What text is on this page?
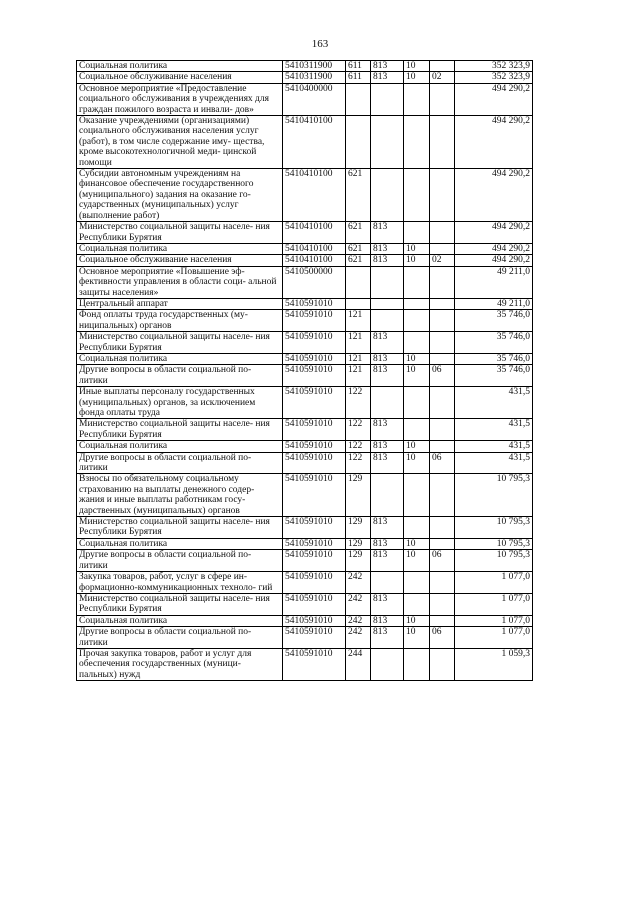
163
Социальная политика	5410311900	611	813	10		352 323,9
Социальное обслуживание населения	5410311900	611	813	10	02	352 323,9
Основное мероприятие «Предоставление социального обслуживания в учреждениях для граждан пожилого возраста и инвали- дов»	5410400000					494 290,2
Оказание учреждениями (организациями) социального обслуживания населения услуг (работ), в том числе содержание иму- щества, кроме высокотехнологичной меди- цинской помощи	5410410100					494 290,2
Субсидии автономным учреждениям на финансовое обеспечение государственного (муниципального) задания на оказание го- сударственных (муниципальных) услуг (выполнение работ)	5410410100	621				494 290,2
Министерство социальной защиты населе- ния Республики Бурятия	5410410100	621	813			494 290,2
Социальная политика	5410410100	621	813	10		494 290,2
Социальное обслуживание населения	5410410100	621	813	10	02	494 290,2
Основное мероприятие «Повышение эф- фективности управления в области соци- альной защиты населения»	5410500000					49 211,0
Центральный аппарат	5410591010					49 211,0
Фонд оплаты труда государственных (му- ниципальных) органов	5410591010	121				35 746,0
Министерство социальной защиты населе- ния Республики Бурятия	5410591010	121	813			35 746,0
Социальная политика	5410591010	121	813	10		35 746,0
Другие вопросы в области социальной по- литики	5410591010	121	813	10	06	35 746,0
Иные выплаты персоналу государственных (муниципальных) органов, за исключением фонда оплаты труда	5410591010	122				431,5
Министерство социальной защиты населе- ния Республики Бурятия	5410591010	122	813			431,5
Социальная политика	5410591010	122	813	10		431,5
Другие вопросы в области социальной по- литики	5410591010	122	813	10	06	431,5
Взносы по обязательному социальному страхованию на выплаты денежного содер- жания и иные выплаты работникам госу- дарственных (муниципальных) органов	5410591010	129				10 795,3
Министерство социальной защиты населе- ния Республики Бурятия	5410591010	129	813			10 795,3
Социальная политика	5410591010	129	813	10		10 795,3
Другие вопросы в области социальной по- литики	5410591010	129	813	10	06	10 795,3
Закупка товаров, работ, услуг в сфере ин- формационно-коммуникационных техноло- гий	5410591010	242				1 077,0
Министерство социальной защиты населе- ния Республики Бурятия	5410591010	242	813			1 077,0
Социальная политика	5410591010	242	813	10		1 077,0
Другие вопросы в области социальной по- литики	5410591010	242	813	10	06	1 077,0
Прочая закупка товаров, работ и услуг для обеспечения государственных (муници- пальных) нужд	5410591010	244				1 059,3
